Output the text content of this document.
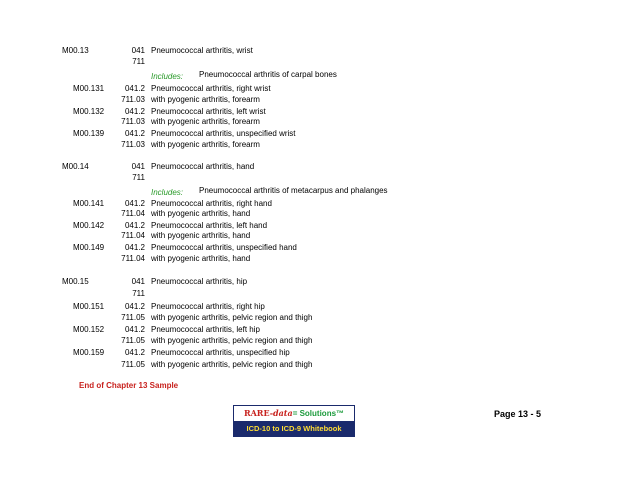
M00.13	041 Pneumococcal arthritis, wrist
711
Includes: Pneumococcal arthritis of carpal bones
M00.131	041.2 Pneumococcal arthritis, right wrist
711.03 with pyogenic arthritis, forearm
M00.132	041.2 Pneumococcal arthritis, left wrist
711.03 with pyogenic arthritis, forearm
M00.139	041.2 Pneumococcal arthritis, unspecified wrist
711.03 with pyogenic arthritis, forearm
M00.14	041 Pneumococcal arthritis, hand
711
Includes: Pneumococcal arthritis of metacarpus and phalanges
M00.141	041.2 Pneumococcal arthritis, right hand
711.04 with pyogenic arthritis, hand
M00.142	041.2 Pneumococcal arthritis, left hand
711.04 with pyogenic arthritis, hand
M00.149	041.2 Pneumococcal arthritis, unspecified hand
711.04 with pyogenic arthritis, hand
M00.15	041 Pneumococcal arthritis, hip
711
M00.151	041.2 Pneumococcal arthritis, right hip
711.05 with pyogenic arthritis, pelvic region and thigh
M00.152	041.2 Pneumococcal arthritis, left hip
711.05 with pyogenic arthritis, pelvic region and thigh
M00.159	041.2 Pneumococcal arthritis, unspecified hip
711.05 with pyogenic arthritis, pelvic region and thigh
End of Chapter 13 Sample
RARE-data= Solutions™
ICD-10 to ICD-9 Whitebook
Page 13 - 5
